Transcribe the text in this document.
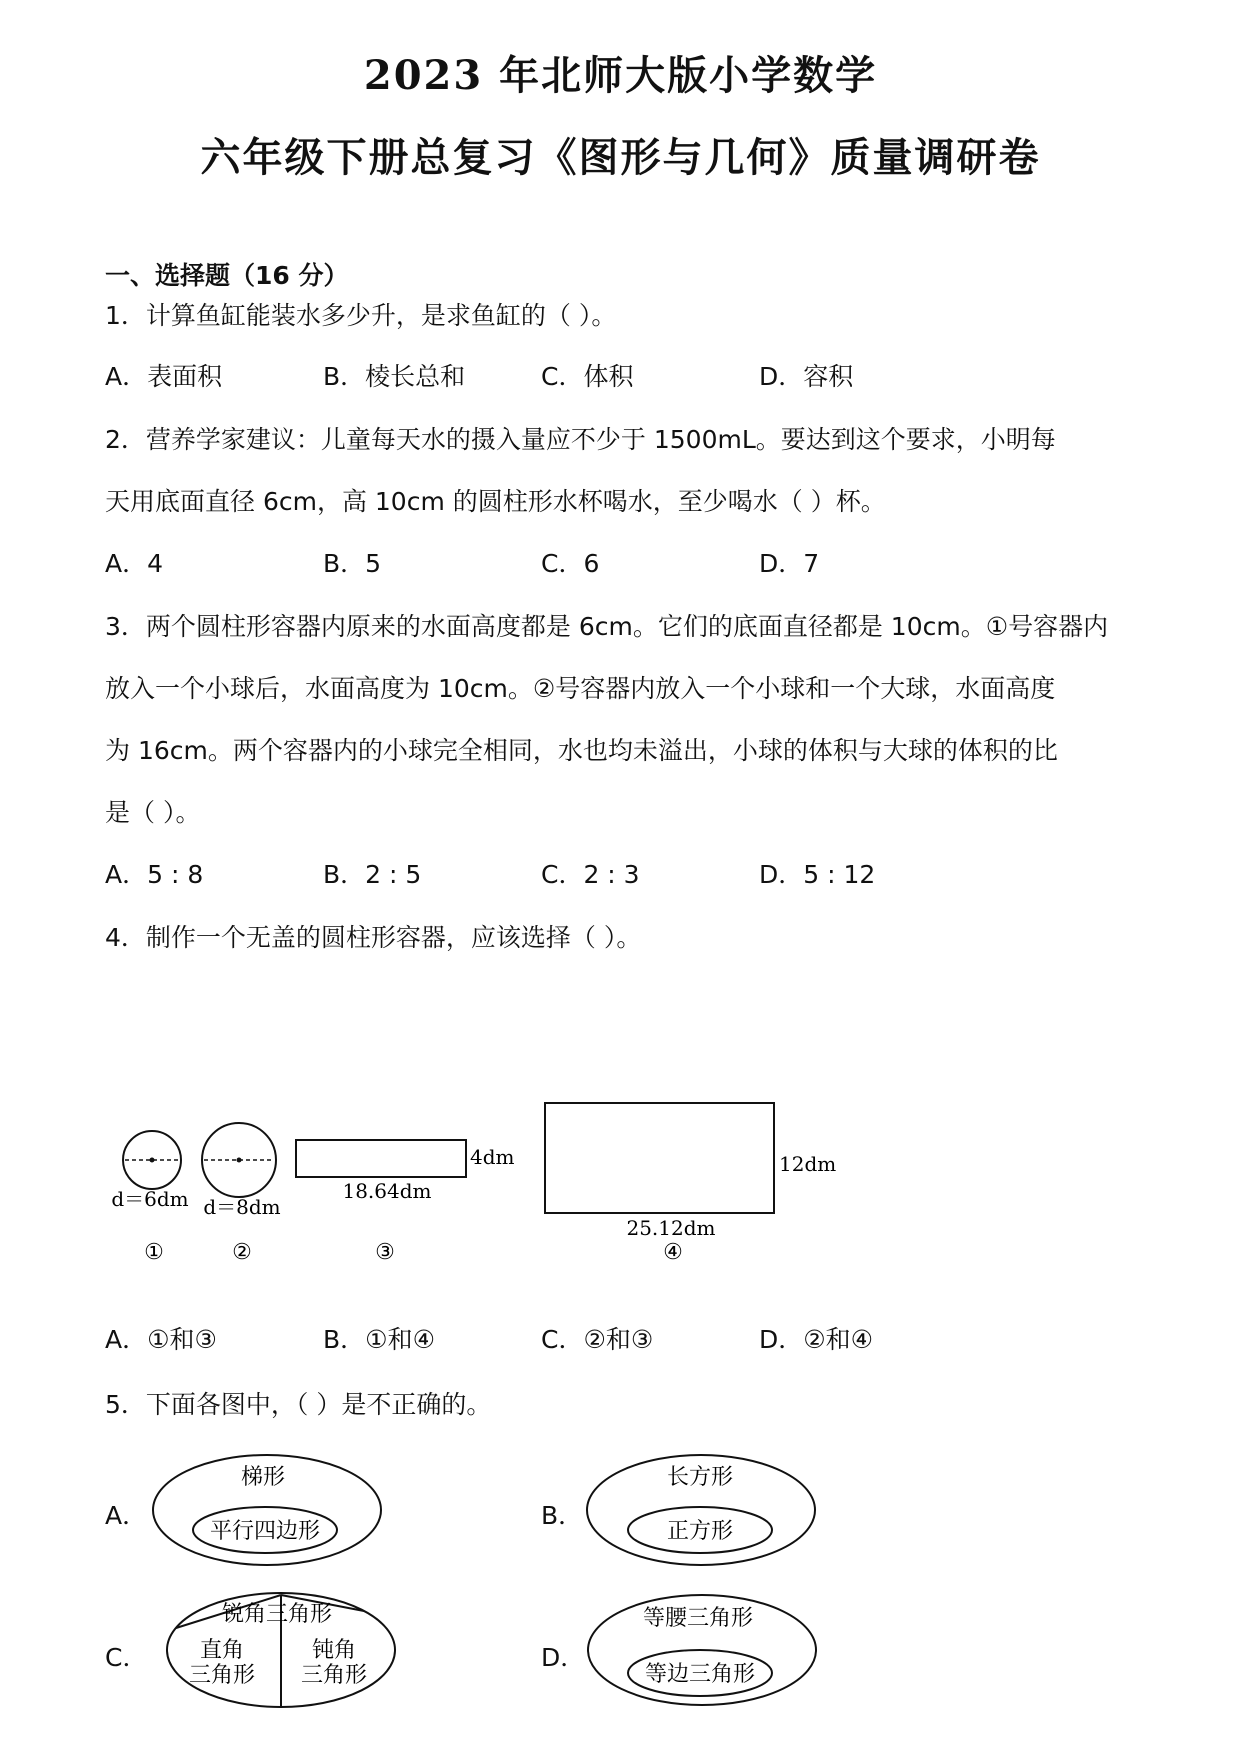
2023 年北师大版小学数学
六年级下册总复习《图形与几何》质量调研卷
一、选择题（16 分）
1．计算鱼缸能装水多少升，是求鱼缸的（ ）。
A．表面积	B．棱长总和	C．体积	D．容积
2．营养学家建议：儿童每天水的摄入量应不少于 1500mL。要达到这个要求，小明每
天用底面直径 6cm，高 10cm 的圆柱形水杯喝水，至少喝水（ ）杯。
A．4	B．5	C．6	D．7
3．两个圆柱形容器内原来的水面高度都是 6cm。它们的底面直径都是 10cm。①号容器内
放入一个小球后，水面高度为 10cm。②号容器内放入一个小球和一个大球，水面高度
为 16cm。两个容器内的小球完全相同，水也均未溢出，小球的体积与大球的体积的比
是（ ）。
A．5 : 8	B．2 : 5	C．2 : 3	D．5 : 12
4．制作一个无盖的圆柱形容器，应该选择（ ）。
d＝6dm
①
d＝8dm
②
4dm
18.64dm
③
12dm
25.12dm
④
梯形
平行四边形
长方形
正方形
锐角三角形
直角
三角形
钝角
三角形
等腰三角形
等边三角形
A．①和③	B．①和④	C．②和③	D．②和④
5．下面各图中，（ ）是不正确的。
A．	B．
C．	D．
